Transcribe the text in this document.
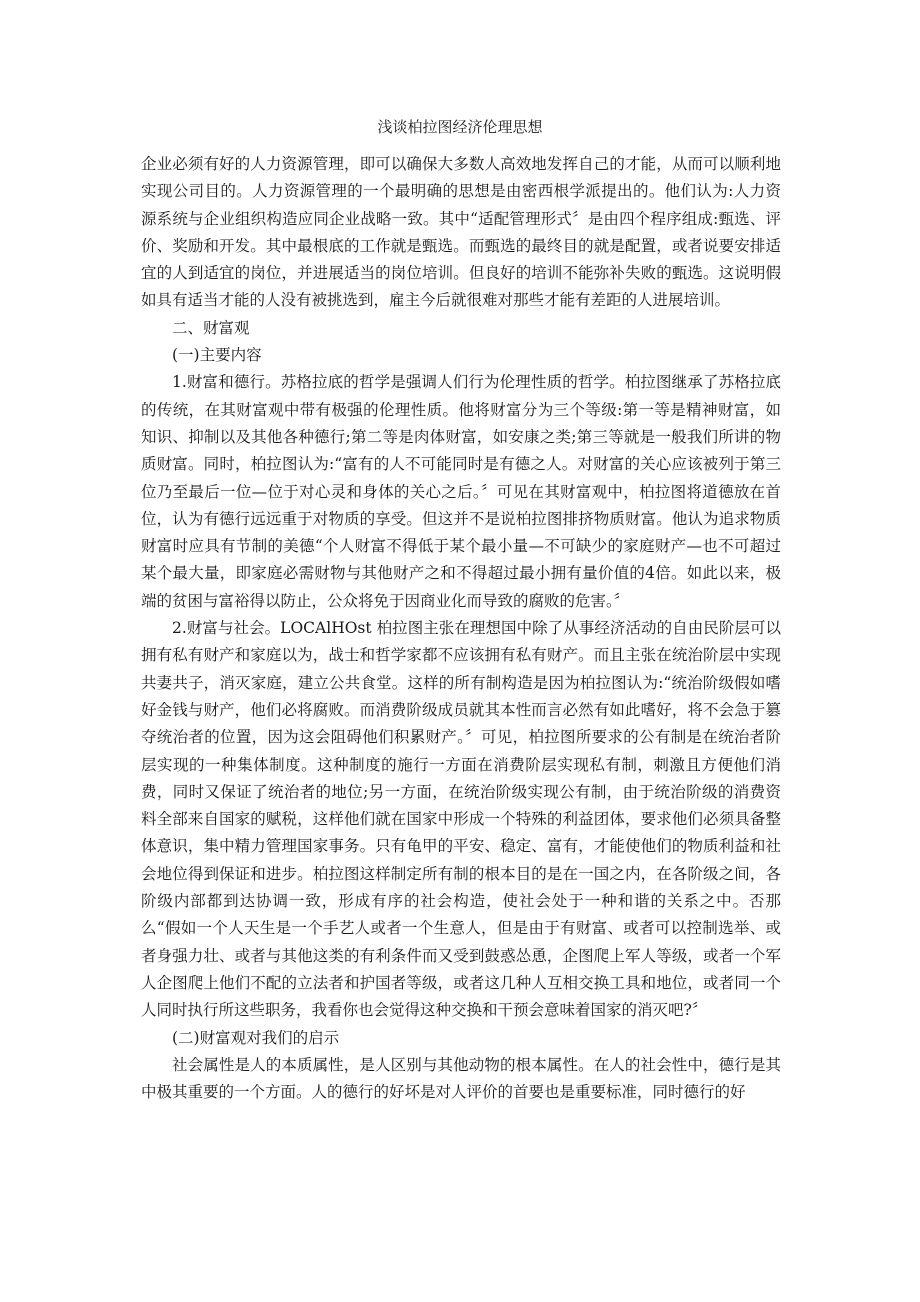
浅谈柏拉图经济伦理思想

企业必须有好的人力资源管理，即可以确保大多数人高效地发挥自己的才能，从而可以顺利地实现公司目的。人力资源管理的一个最明确的思想是由密西根学派提出的。他们认为:人力资源系统与企业组织构造应同企业战略一致。其中“适配管理形式〞是由四个程序组成:甄选、评价、奖励和开发。其中最根底的工作就是甄选。而甄选的最终目的就是配置，或者说要安排适宜的人到适宜的岗位，并进展适当的岗位培训。但良好的培训不能弥补失败的甄选。这说明假如具有适当才能的人没有被挑选到，雇主今后就很难对那些才能有差距的人进展培训。

二、财富观

(一)主要内容

1.财富和德行。苏格拉底的哲学是强调人们行为伦理性质的哲学。柏拉图继承了苏格拉底的传统，在其财富观中带有极强的伦理性质。他将财富分为三个等级:第一等是精神财富，如知识、抑制以及其他各种德行;第二等是肉体财富，如安康之类;第三等就是一般我们所讲的物质财富。同时，柏拉图认为:“富有的人不可能同时是有德之人。对财富的关心应该被列于第三位乃至最后一位—位于对心灵和身体的关心之后。〞可见在其财富观中，柏拉图将道德放在首位，认为有德行远远重于对物质的享受。但这并不是说柏拉图排挤物质财富。他认为追求物质财富时应具有节制的美德“个人财富不得低于某个最小量—不可缺少的家庭财产—也不可超过某个最大量，即家庭必需财物与其他财产之和不得超过最小拥有量价值的4倍。如此以来，极端的贫困与富裕得以防止，公众将免于因商业化而导致的腐败的危害。〞

2.财富与社会。LOCAlHOst 柏拉图主张在理想国中除了从事经济活动的自由民阶层可以拥有私有财产和家庭以为，战士和哲学家都不应该拥有私有财产。而且主张在统治阶层中实现共妻共子，消灭家庭，建立公共食堂。这样的所有制构造是因为柏拉图认为:“统治阶级假如嗜好金钱与财产，他们必将腐败。而消费阶级成员就其本性而言必然有如此嗜好，将不会急于篡夺统治者的位置，因为这会阻碍他们积累财产。〞可见，柏拉图所要求的公有制是在统治者阶层实现的一种集体制度。这种制度的施行一方面在消费阶层实现私有制，刺激且方便他们消费，同时又保证了统治者的地位;另一方面，在统治阶级实现公有制，由于统治阶级的消费资料全部来自国家的赋税，这样他们就在国家中形成一个特殊的利益团体，要求他们必须具备整体意识，集中精力管理国家事务。只有龟甲的平安、稳定、富有，才能使他们的物质利益和社会地位得到保证和进步。柏拉图这样制定所有制的根本目的是在一国之内，在各阶级之间，各阶级内部都到达协调一致，形成有序的社会构造，使社会处于一种和谐的关系之中。否那么“假如一个人天生是一个手艺人或者一个生意人，但是由于有财富、或者可以控制选举、或者身强力壮、或者与其他这类的有利条件而又受到鼓惑怂恿，企图爬上军人等级，或者一个军人企图爬上他们不配的立法者和护国者等级，或者这几种人互相交换工具和地位，或者同一个人同时执行所这些职务，我看你也会觉得这种交换和干预会意味着国家的消灭吧?〞

(二)财富观对我们的启示

社会属性是人的本质属性，是人区别与其他动物的根本属性。在人的社会性中，德行是其中极其重要的一个方面。人的德行的好坏是对人评价的首要也是重要标准，同时德行的好
